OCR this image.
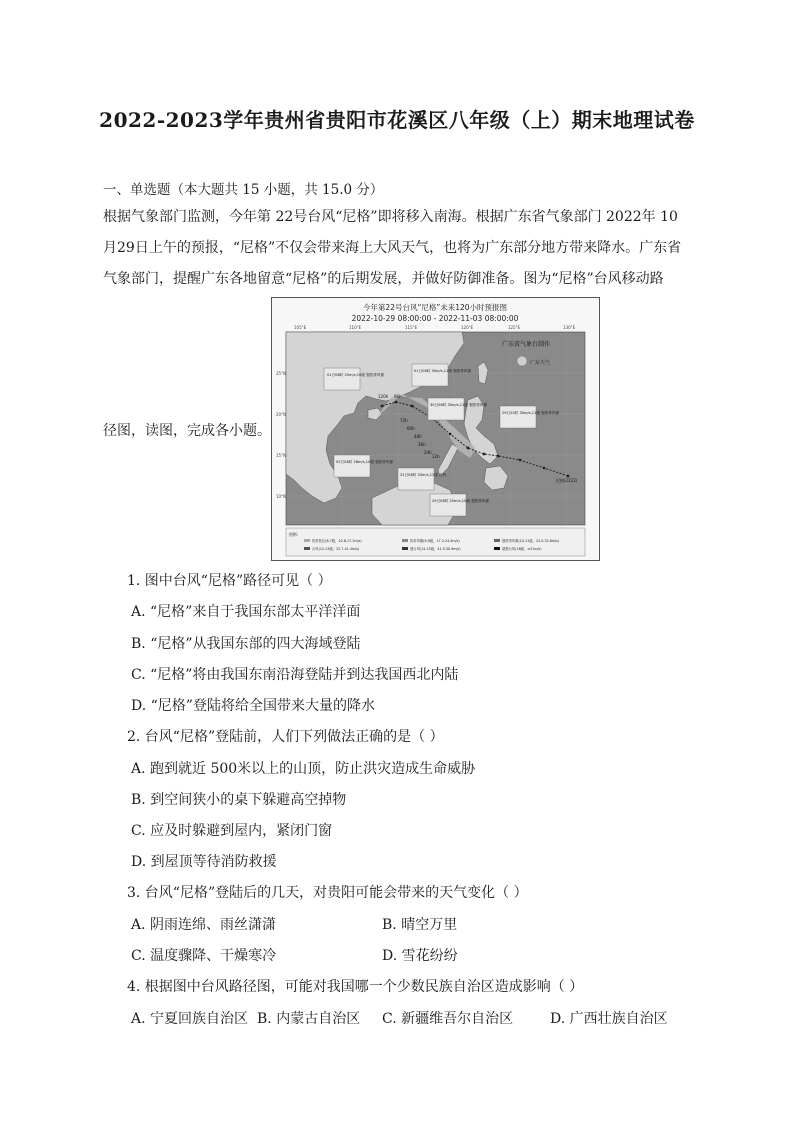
2022-2023学年贵州省贵阳市花溪区八年级（上）期末地理试卷
一、单选题（本大题共 15 小题，共 15.0 分）
根据气象部门监测，今年第 22号台风“尼格”即将移入南海。根据广东省气象部门 2022年 10
月29日上午的预报，“尼格”不仅会带来海上大风天气，也将为广东部分地方带来降水。广东省
气象部门，提醒广东各地留意“尼格”的后期发展，并做好防御准备。图为“尼格”台风移动路
径图，读图，完成各小题。
今年第22号台风“尼格”未来120小时预报图
2022-10-29 08:00:00 - 2022-11-03 08:00:00
105°E	110°E	115°E	120°E	125°E	130°E
25°N
20°N
15°N
10°N
120h 96h
72h
60h
48h
36h
24h
12h
01日08时 25m/s,10级 强热带风暴
01日08时 30m/s,11级 强热带风暴
30日08时 30m/s,11级 强热带风暴
29日20时 30m/s,11级 强热带风暴
02日08时 28m/s,10级 强热带风暴
31日08时 33m/s,12级 台风
29日08时 25m/s,10级 强热带风暴
尼格(2222)
广东省气象台制作
广东天气
图例:
热带低压(6-7级，10.8-17.1m/s)	热带风暴(8-9级，17.2-24.4m/s)	强热带风暴(10-11级，24.5-32.6m/s)
台风(12-13级，32.7-41.4m/s)	强台风(14-15级，41.5-50.9m/s)	超强台风(16级，≥51m/s)
1. 图中台风“尼格”路径可见（ ）
A. “尼格”来自于我国东部太平洋洋面
B. “尼格”从我国东部的四大海域登陆
C. “尼格”将由我国东南沿海登陆并到达我国西北内陆
D. “尼格”登陆将给全国带来大量的降水
2. 台风“尼格”登陆前，人们下列做法正确的是（ ）
A. 跑到就近 500米以上的山顶，防止洪灾造成生命威胁
B. 到空间狭小的桌下躲避高空掉物
C. 应及时躲避到屋内，紧闭门窗
D. 到屋顶等待消防救援
3. 台风“尼格”登陆后的几天，对贵阳可能会带来的天气变化（ ）
A. 阴雨连绵、雨丝潇潇	B. 晴空万里
C. 温度骤降、干燥寒冷	D. 雪花纷纷
4. 根据图中台风路径图，可能对我国哪一个少数民族自治区造成影响（ ）
A. 宁夏回族自治区 B. 内蒙古自治区 C. 新疆维吾尔自治区	D. 广西壮族自治区
